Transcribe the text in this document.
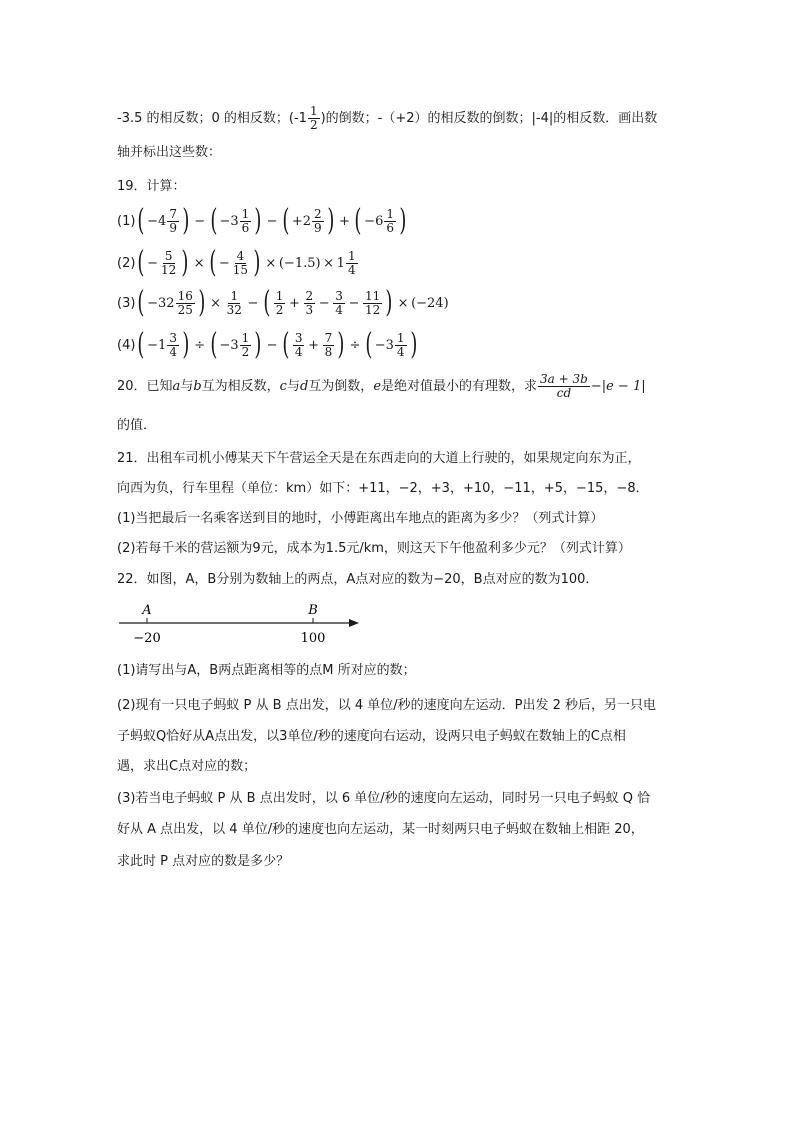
-3.5 的相反数；0 的相反数；($-1 \frac{1}{2}$ )的倒数；-（+2）的相反数的倒数；|-4|的相反数．画出数
轴并标出这些数：
19．计算：
(1) ( $-4 \frac{7}{9}$ )  −  ( $-3 \frac{1}{6}$ )  −  ( $+2 \frac{2}{9}$ )  +  ( $-6 \frac{1}{6}$ )
(2) ( − $\frac{5}{12}$ )  ×  ( − $\frac{4}{15}$ )  ×  $(-1.5) \times 1 \frac{1}{4}$
(3) ( $-32 \frac{16}{25}$ )  ×  $\frac{1}{32}$  −  ( $\frac{1}{2} + \frac{2}{3} - \frac{3}{4} - \frac{11}{12}$ )  ×  (−24)
(4) ( $-1 \frac{3}{4}$ )  ÷  ( $-3 \frac{1}{2}$ )  −  ( $\frac{3}{4} + \frac{7}{8}$ )  ÷  ( $-3 \frac{1}{4}$ )
20．已知 a 与 b 互为相反数， c 与 d 互为倒数， e 是绝对值最小的有理数，求 $\frac{3a + 3b}{cd} -|e - 1|$
的值．
21．出租车司机小傅某天下午营运全天是在东西走向的大道上行驶的，如果规定向东为正，
向西为负，行车里程（单位：km）如下：+11，−2，+3，+10，−11，+5，−15，−8．
(1)当把最后一名乘客送到目的地时，小傅距离出车地点的距离为多少？（列式计算）
(2)若每千米的营运额为9元，成本为1.5元/km，则这天下午他盈利多少元？（列式计算）
22．如图，A，B分别为数轴上的两点，A点对应的数为−20，B点对应的数为100．
A	B
−20	100
(1)请写出与A，B两点距离相等的点M 所对应的数；
(2)现有一只电子蚂蚁 P 从 B 点出发，以 4 单位/秒的速度向左运动．P出发 2 秒后，另一只电
子蚂蚁Q恰好从A点出发，以3单位/秒的速度向右运动，设两只电子蚂蚁在数轴上的C点相
遇，求出C点对应的数；
(3)若当电子蚂蚁 P 从 B 点出发时，以 6 单位/秒的速度向左运动，同时另一只电子蚂蚁 Q 恰
好从 A 点出发，以 4 单位/秒的速度也向左运动，某一时刻两只电子蚂蚁在数轴上相距 20，
求此时 P 点对应的数是多少？
